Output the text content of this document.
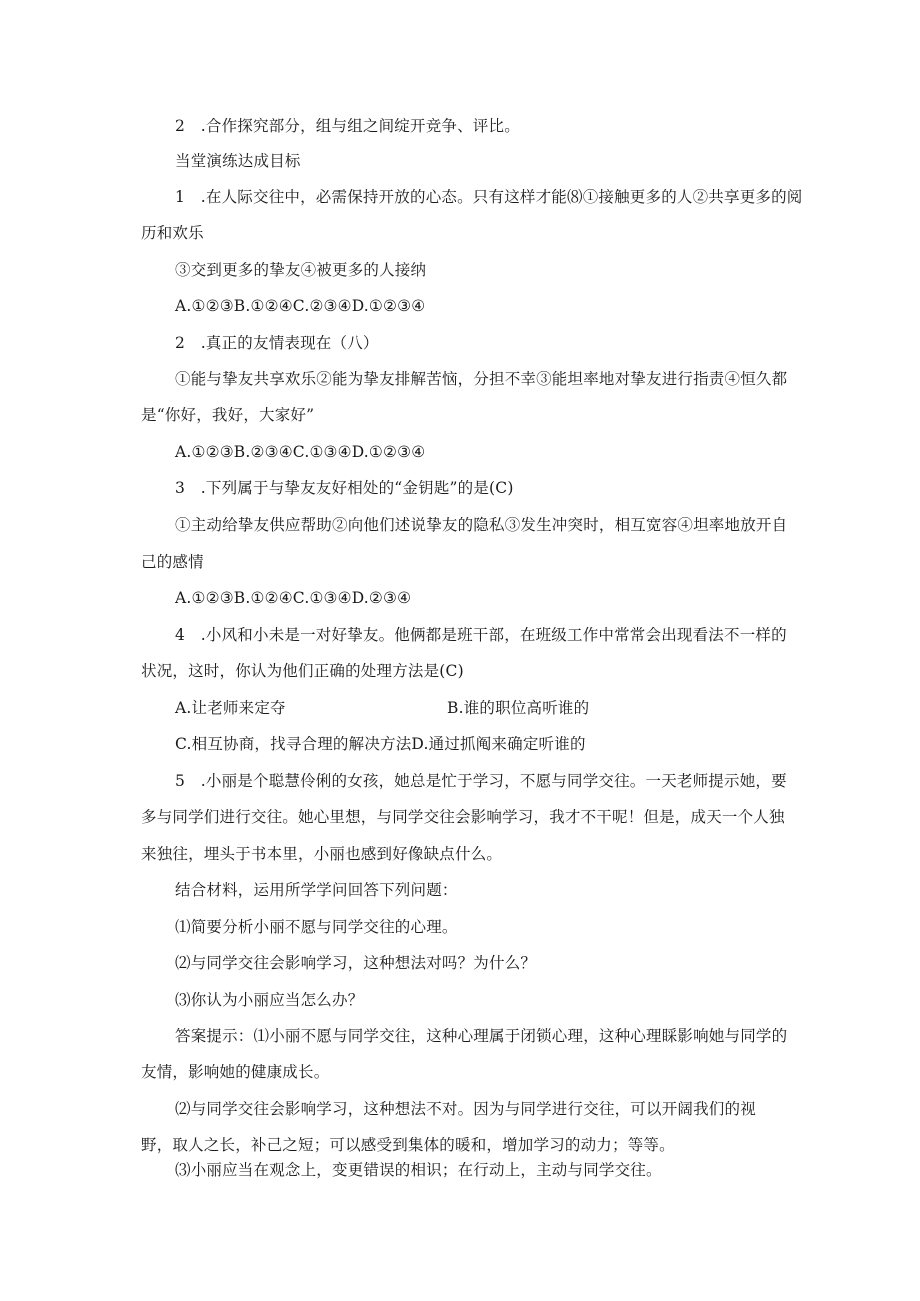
2　.合作探究部分，组与组之间绽开竞争、评比。
当堂演练达成目标
1　.在人际交往中，必需保持开放的心态。只有这样才能⑻①接触更多的人②共享更多的阅
历和欢乐
③交到更多的挚友④被更多的人接纳
A.①②③B.①②④C.②③④D.①②③④
2　.真正的友情表现在（八）
①能与挚友共享欢乐②能为挚友排解苦恼，分担不幸③能坦率地对挚友进行指责④恒久都
是“你好，我好，大家好”
A.①②③B.②③④C.①③④D.①②③④
3　.下列属于与挚友友好相处的“金钥匙”的是(C)
①主动给挚友供应帮助②向他们述说挚友的隐私③发生冲突时，相互宽容④坦率地放开自
己的感情
A.①②③B.①②④C.①③④D.②③④
4　.小风和小未是一对好挚友。他俩都是班干部，在班级工作中常常会出现看法不一样的
状况，这时，你认为他们正确的处理方法是(C)
A.让老师来定夺	B.谁的职位高听谁的
C.相互协商，找寻合理的解决方法D.通过抓阄来确定听谁的
5　.小丽是个聪慧伶俐的女孩，她总是忙于学习，不愿与同学交往。一天老师提示她，要
多与同学们进行交往。她心里想，与同学交往会影响学习，我才不干呢！但是，成天一个人独
来独往，埋头于书本里，小丽也感到好像缺点什么。
结合材料，运用所学学问回答下列问题：
⑴简要分析小丽不愿与同学交往的心理。
⑵与同学交往会影响学习，这种想法对吗？为什么？
⑶你认为小丽应当怎么办？
答案提示：⑴小丽不愿与同学交往，这种心理属于闭锁心理，这种心理睬影响她与同学的
友情，影响她的健康成长。
⑵与同学交往会影响学习，这种想法不对。因为与同学进行交往，可以开阔我们的视
野，取人之长，补己之短；可以感受到集体的暖和，增加学习的动力；等等。
⑶小丽应当在观念上，变更错误的相识；在行动上，主动与同学交往。
